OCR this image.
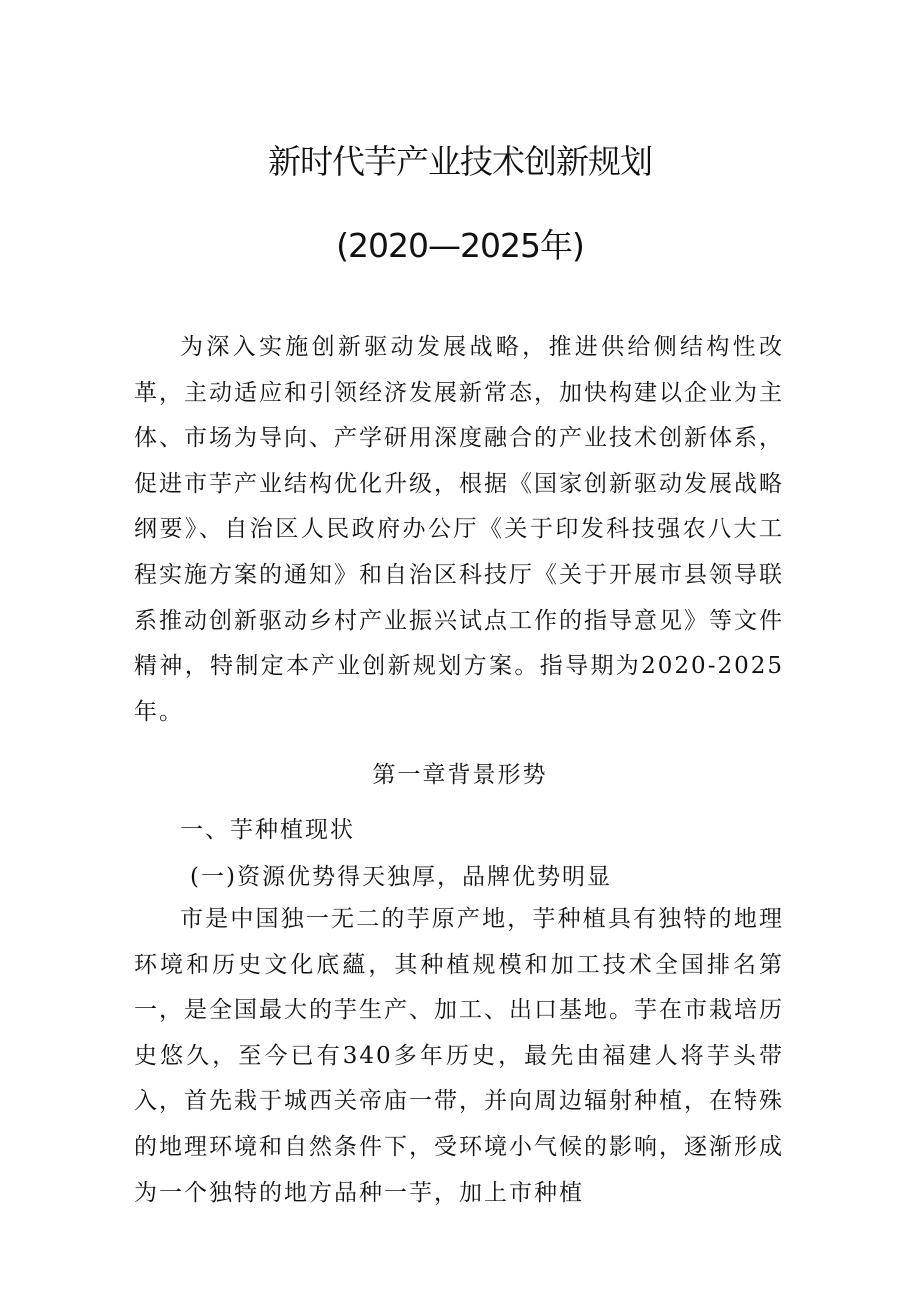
新时代芋产业技术创新规划
(2020—2025年)

为深入实施创新驱动发展战略，推进供给侧结构性改革，主动适应和引领经济发展新常态，加快构建以企业为主体、市场为导向、产学研用深度融合的产业技术创新体系，促进市芋产业结构优化升级，根据《国家创新驱动发展战略纲要》、自治区人民政府办公厅《关于印发科技强农八大工程实施方案的通知》和自治区科技厅《关于开展市县领导联系推动创新驱动乡村产业振兴试点工作的指导意见》等文件精神，特制定本产业创新规划方案。指导期为2020-2025年。

第一章背景形势
一、芋种植现状
(一)资源优势得天独厚，品牌优势明显

市是中国独一无二的芋原产地，芋种植具有独特的地理环境和历史文化底蘊，其种植规模和加工技术全国排名第一，是全国最大的芋生产、加工、出口基地。芋在市栽培历史悠久，至今已有340多年历史，最先由福建人将芋头带入，首先栽于城西关帝庙一带，并向周边辐射种植，在特殊的地理环境和自然条件下，受环境小气候的影响，逐渐形成为一个独特的地方品种一芋，加上市种植
